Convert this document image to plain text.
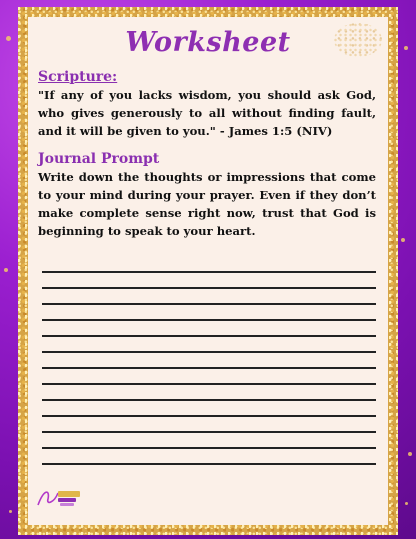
Worksheet
Scripture:
"If any of you lacks wisdom, you should ask God, who gives generously to all without finding fault, and it will be given to you." - James 1:5 (NIV)
Journal Prompt
Write down the thoughts or impressions that come to your mind during your prayer. Even if they don’t make complete sense right now, trust that God is beginning to speak to your heart.
